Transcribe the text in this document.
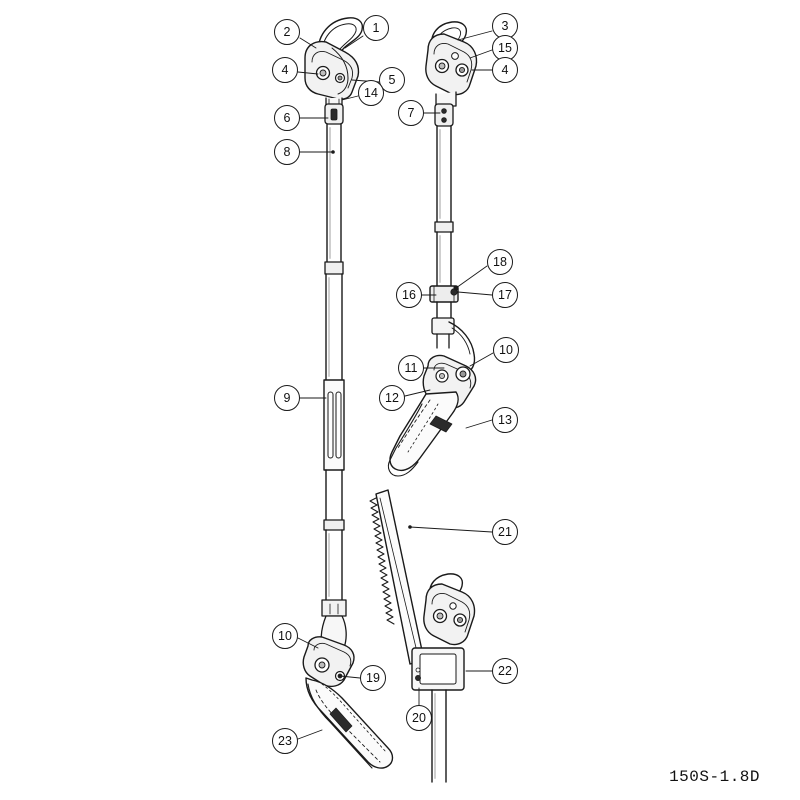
1
2	3
4
5
6	7
8
9
10
11
12
13
14
15
4
16	17
18
19
10
20
21
22
23
150S-1.8D
